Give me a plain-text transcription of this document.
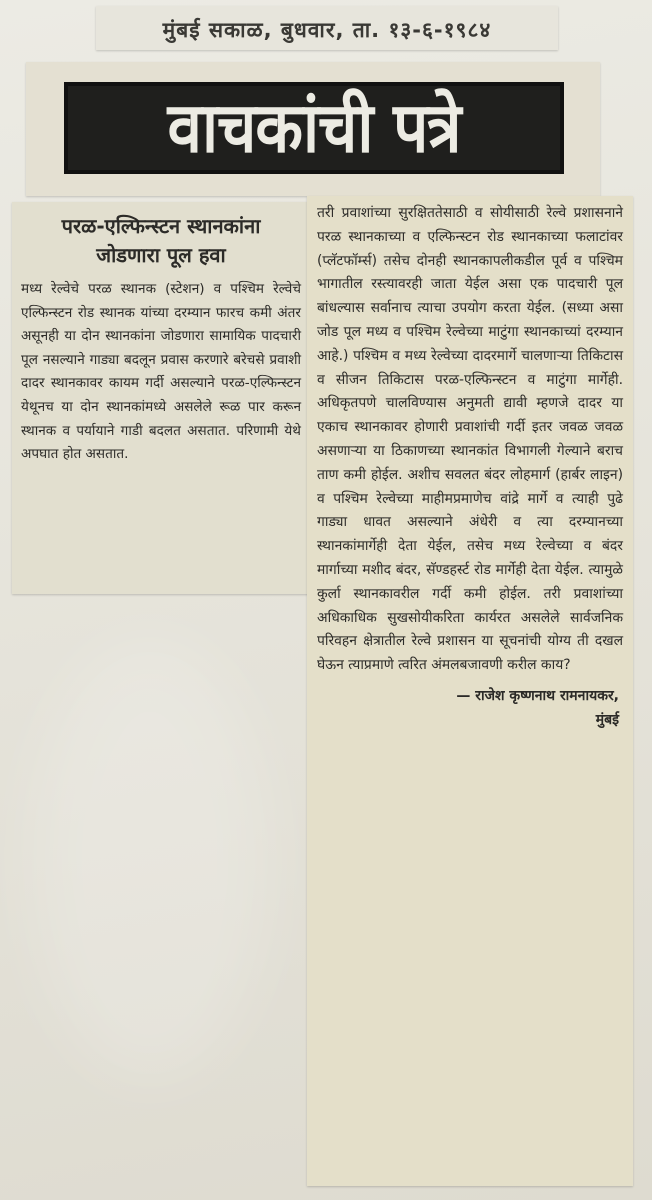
मुंबई सकाळ, बुधवार, ता. १३-६-१९८४
वाचकांची पत्रे
परळ-एल्फिन्स्टन स्थानकांना
जोडणारा पूल हवा
मध्य रेल्वेचे परळ स्थानक (स्टेशन) व पश्चिम रेल्वेचे एल्फिन्स्टन रोड स्थानक यांच्या दरम्यान फारच कमी अंतर असूनही या दोन स्थानकांना जोडणारा सामायिक पादचारी पूल नसल्याने गाड्या बदलून प्रवास करणारे बरेचसे प्रवाशी दादर स्थानकावर कायम गर्दी असल्याने परळ-एल्फिन्स्टन येथूनच या दोन स्थानकांमध्ये असलेले रूळ पार करून स्थानक व पर्यायाने गाडी बदलत असतात. परिणामी येथे अपघात होत असतात.
तरी प्रवाशांच्या सुरक्षिततेसाठी व सोयीसाठी रेल्वे प्रशासनाने परळ स्थानकाच्या व एल्फिन्स्टन रोड स्थानकाच्या फलाटांवर (प्लॅटफॉर्म्स) तसेच दोनही स्थानकापलीकडील पूर्व व पश्चिम भागातील रस्त्यावरही जाता येईल असा एक पादचारी पूल बांधल्यास सर्वानाच त्याचा उपयोग करता येईल. (सध्या असा जोड पूल मध्य व पश्चिम रेल्वेच्या माटुंगा स्थानकाच्यां दरम्यान आहे.) पश्चिम व मध्य रेल्वेच्या दादरमार्गे चालणाऱ्या तिकिटास व सीजन तिकिटास परळ-एल्फिन्स्टन व माटुंगा मार्गेही. अधिकृतपणे चालविण्यास अनुमती द्यावी म्हणजे दादर या एकाच स्थानकावर होणारी प्रवाशांची गर्दी इतर जवळ जवळ असणाऱ्या या ठिकाणच्या स्थानकांत विभागली गेल्याने बराच ताण कमी होईल. अशीच सवलत बंदर लोहमार्ग (हार्बर लाइन) व पश्चिम रेल्वेच्या माहीमप्रमाणेच वांद्रे मार्गे व त्याही पुढे गाड्या धावत असल्याने अंधेरी व त्या दरम्यानच्या स्थानकांमार्गेही देता येईल, तसेच मध्य रेल्वेच्या व बंदर मार्गाच्या मशीद बंदर, सॅण्डहर्स्ट रोड मार्गेही देता येईल. त्यामुळे कुर्ला स्थानकावरील गर्दी कमी होईल. तरी प्रवाशांच्या अधिकाधिक सुखसोयीकरिता कार्यरत असलेले सार्वजनिक परिवहन क्षेत्रातील रेल्वे प्रशासन या सूचनांची योग्य ती दखल घेऊन त्याप्रमाणे त्वरित अंमलबजावणी करील काय?
— राजेश कृष्णनाथ रामनायकर,
मुंबई
